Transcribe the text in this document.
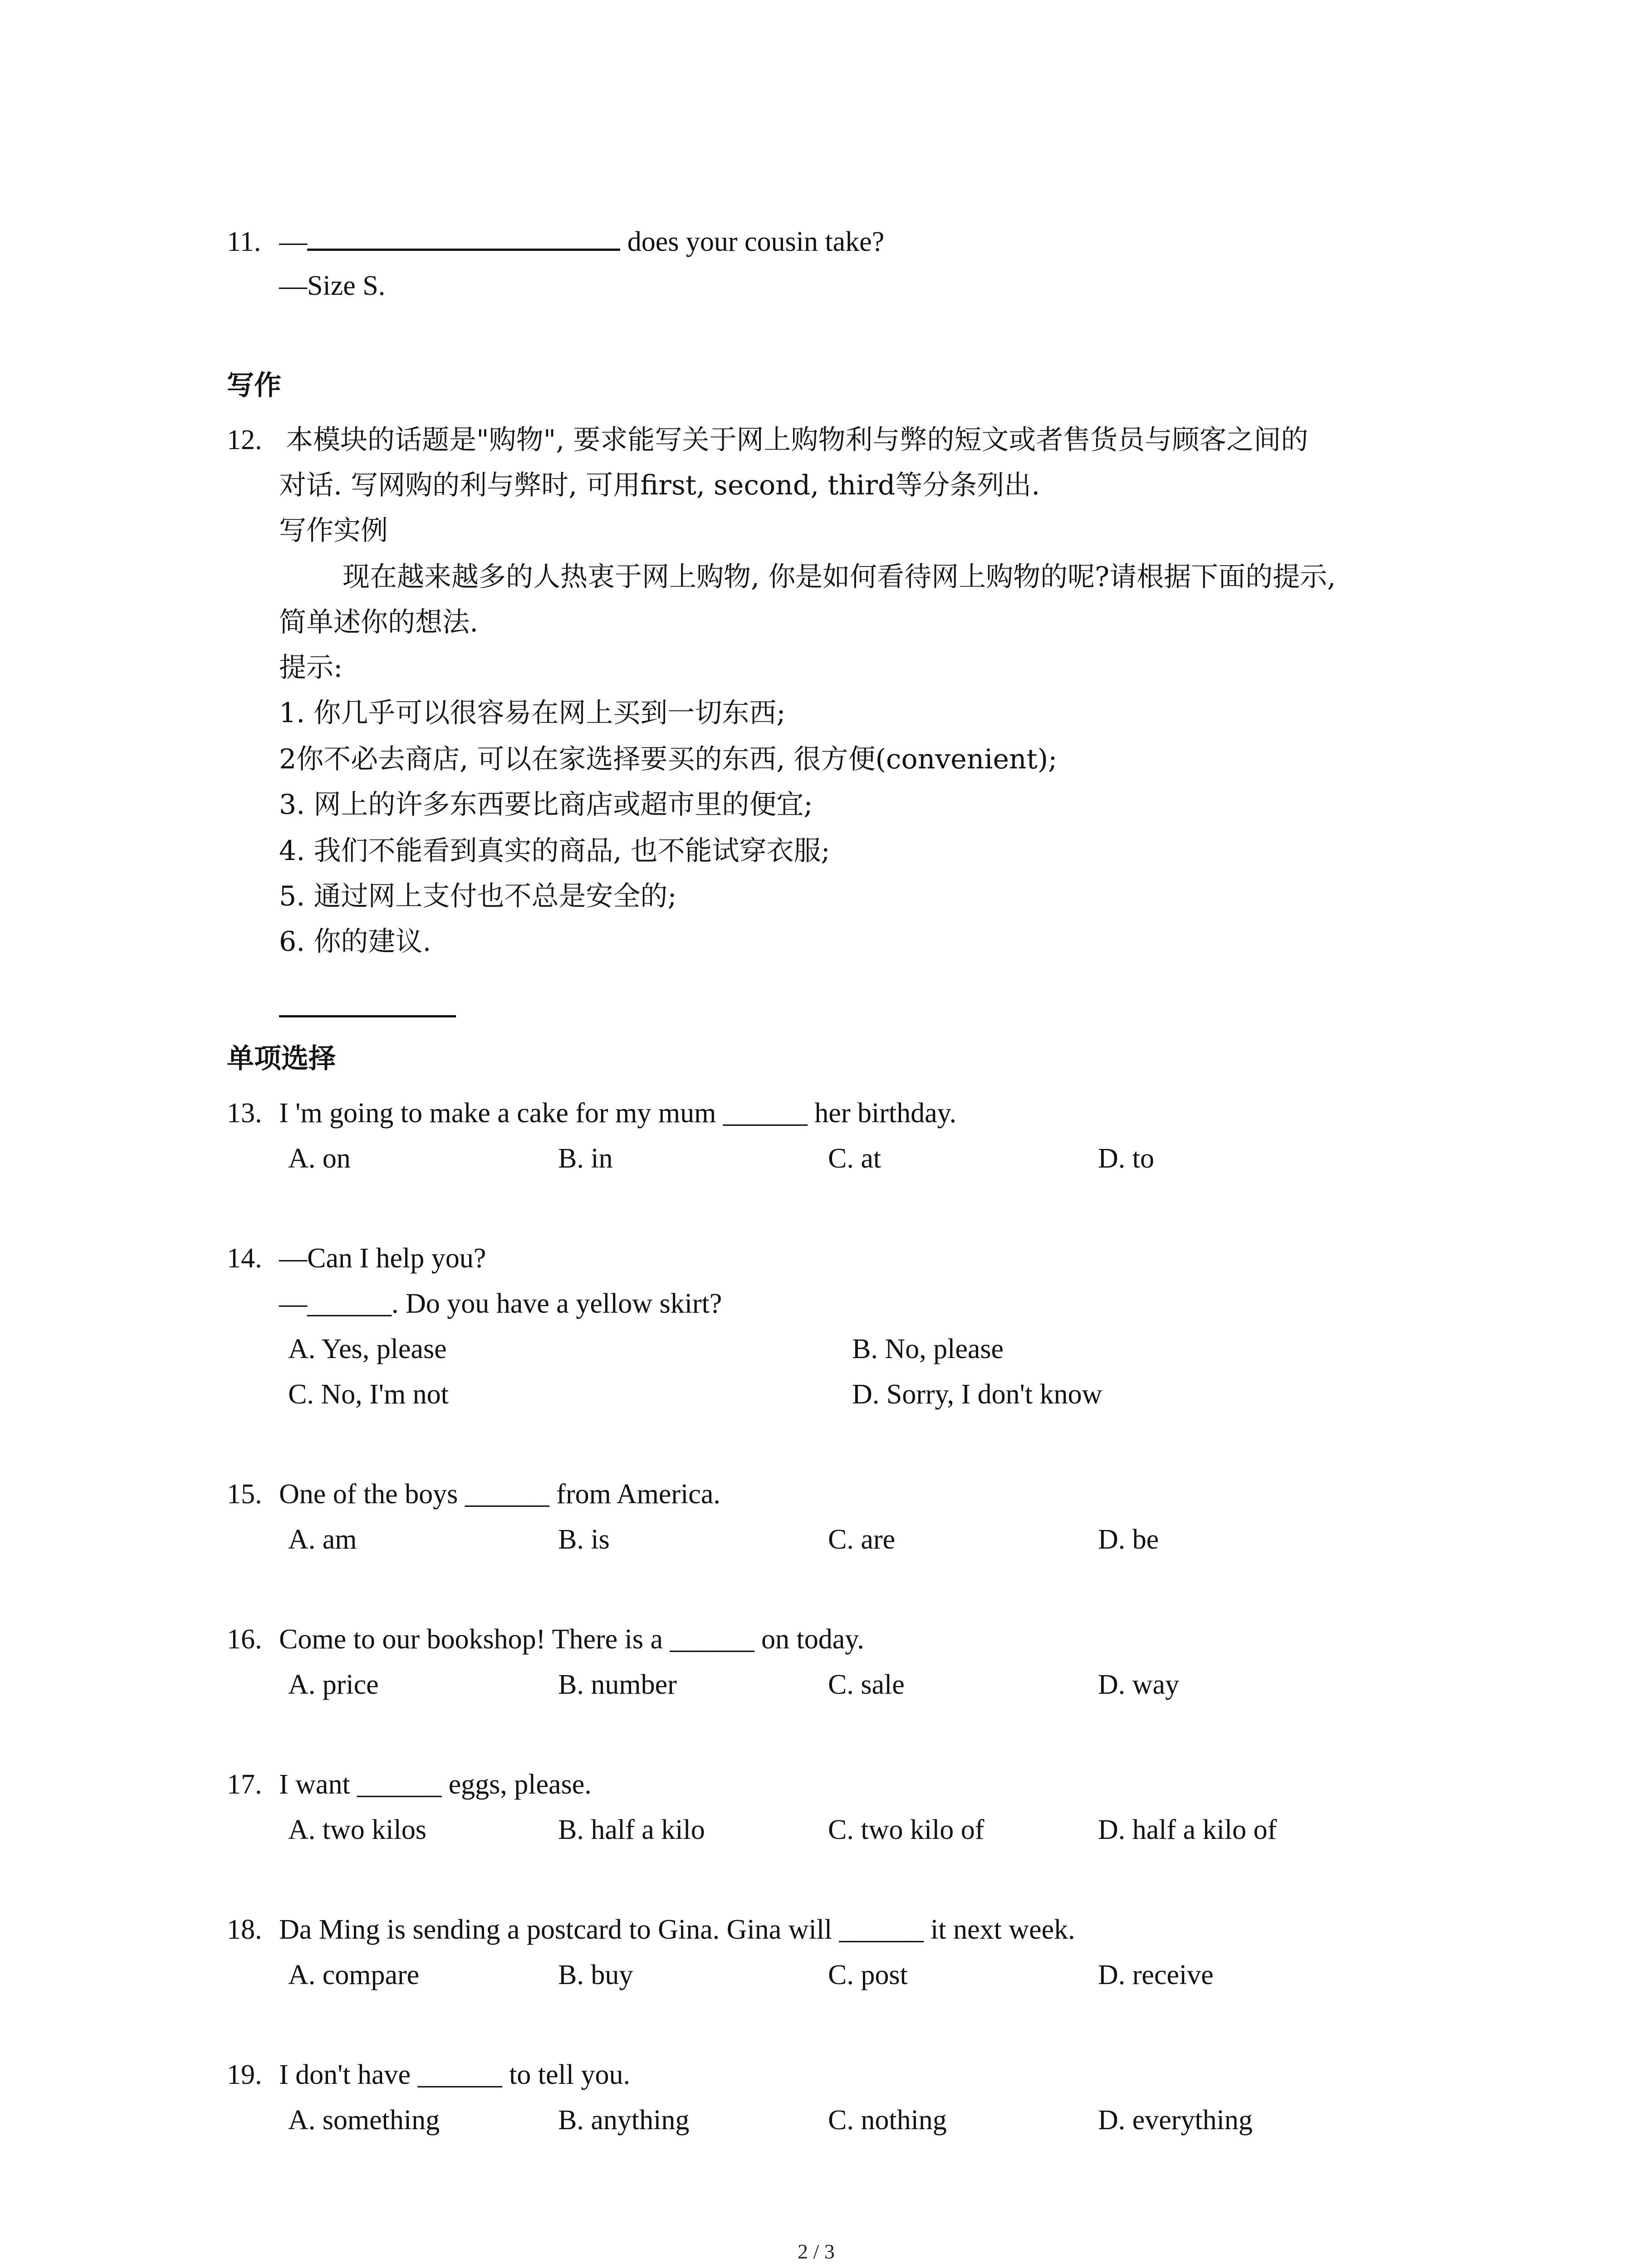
11. —	does your cousin take?
—Size S.
写作
12. 本模块的话题是"购物", 要求能写关于网上购物利与弊的短文或者售货员与顾客之间的
对话. 写网购的利与弊时, 可用first, second, third等分条列出.
写作实例
现在越来越多的人热衷于网上购物, 你是如何看待网上购物的呢?请根据下面的提示,
简单述你的想法.
提示:
1. 你几乎可以很容易在网上买到一切东西;
2你不必去商店, 可以在家选择要买的东西, 很方便(convenient);
3. 网上的许多东西要比商店或超市里的便宜;
4. 我们不能看到真实的商品, 也不能试穿衣服;
5. 通过网上支付也不总是安全的;
6. 你的建议.
单项选择
13. I 'm going to make a cake for my mum ______ her birthday.
A. on	B. in	C. at	D. to
14. —Can I help you?
—______. Do you have a yellow skirt?
A. Yes, please	B. No, please
C. No, I'm not	D. Sorry, I don't know
15. One of the boys ______ from America.
A. am	B. is	C. are	D. be
16. Come to our bookshop! There is a ______ on today.
A. price	B. number	C. sale	D. way
17. I want ______ eggs, please.
A. two kilos	B. half a kilo	C. two kilo of	D. half a kilo of
18. Da Ming is sending a postcard to Gina. Gina will ______ it next week.
A. compare	B. buy	C. post	D. receive
19. I don't have ______ to tell you.
A. something	B. anything	C. nothing	D. everything
2 / 3
